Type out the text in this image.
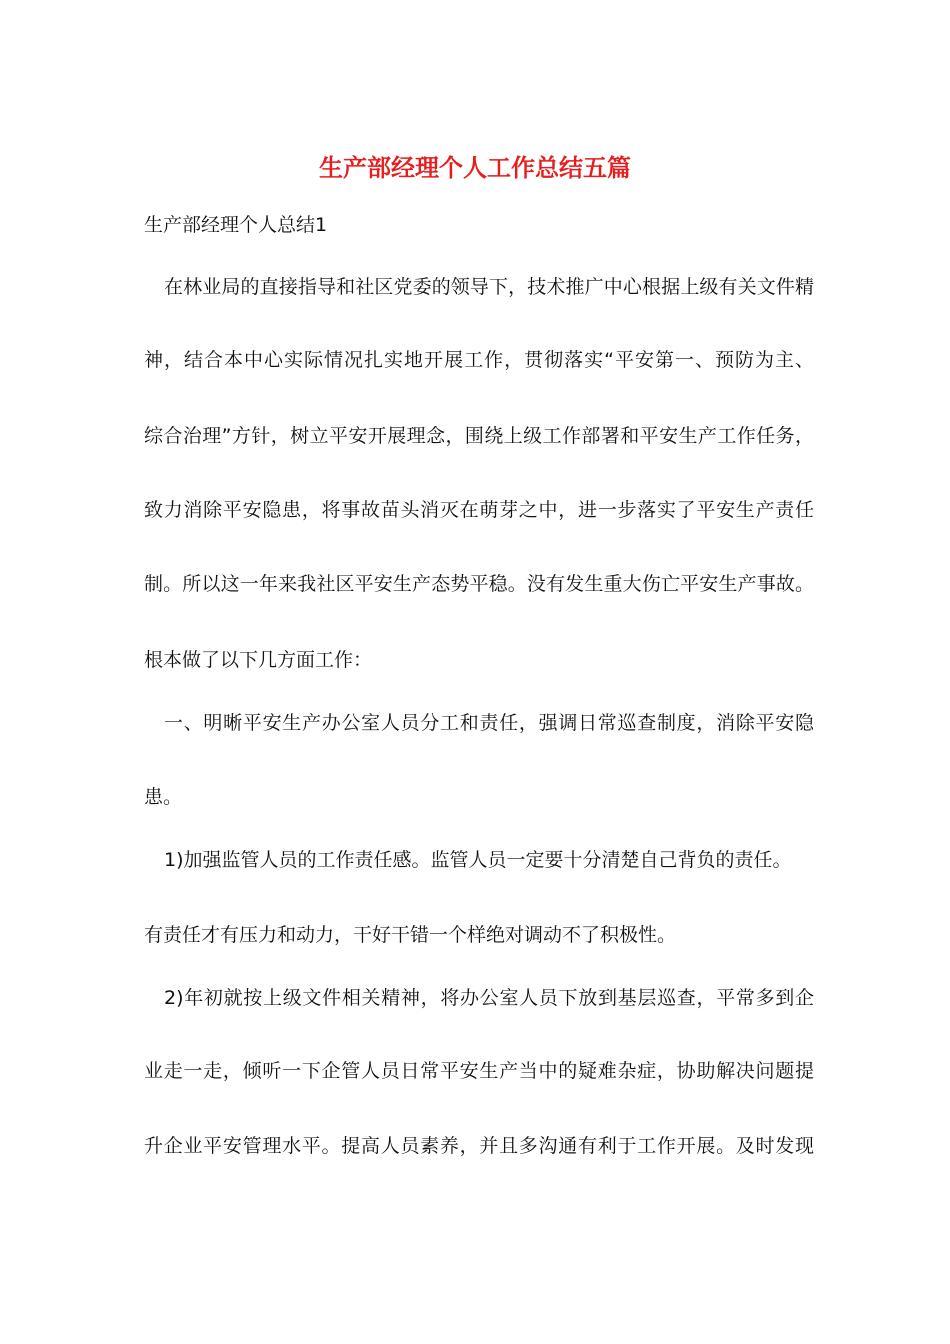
生产部经理个人工作总结五篇

生产部经理个人总结1

在林业局的直接指导和社区党委的领导下，技术推广中心根据上级有关文件精

神，结合本中心实际情况扎实地开展工作，贯彻落实“平安第一、预防为主、

综合治理”方针，树立平安开展理念，围绕上级工作部署和平安生产工作任务，

致力消除平安隐患，将事故苗头消灭在萌芽之中，进一步落实了平安生产责任

制。所以这一年来我社区平安生产态势平稳。没有发生重大伤亡平安生产事故。

根本做了以下几方面工作：

一、明晰平安生产办公室人员分工和责任，强调日常巡查制度，消除平安隐

患。

1)加强监管人员的工作责任感。监管人员一定要十分清楚自己背负的责任。

有责任才有压力和动力，干好干错一个样绝对调动不了积极性。

2)年初就按上级文件相关精神，将办公室人员下放到基层巡查，平常多到企

业走一走，倾听一下企管人员日常平安生产当中的疑难杂症，协助解决问题提

升企业平安管理水平。提高人员素养，并且多沟通有利于工作开展。及时发现
